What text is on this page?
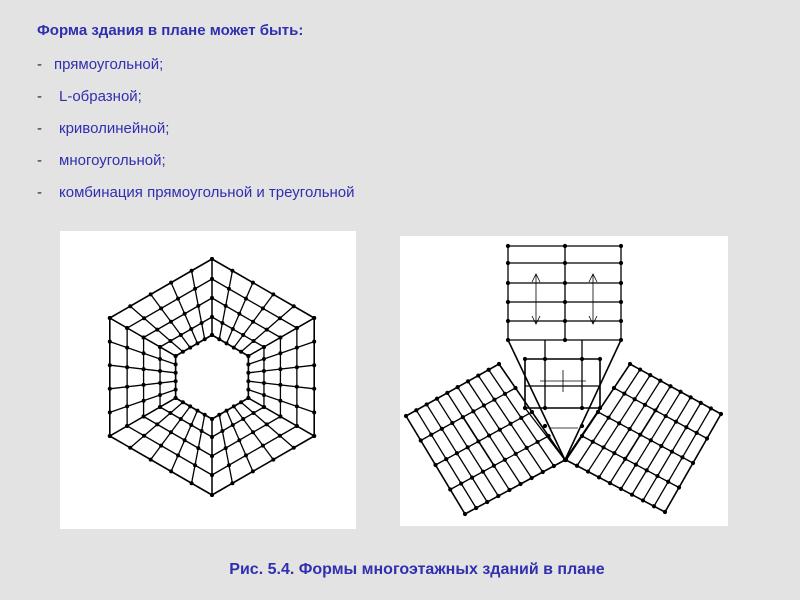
Форма здания в плане может быть:

- прямоугольной;
- L-образной;
- криволинейной;
- многоугольной;
- комбинация прямоугольной и треугольной

Рис. 5.4. Формы многоэтажных зданий в плане
